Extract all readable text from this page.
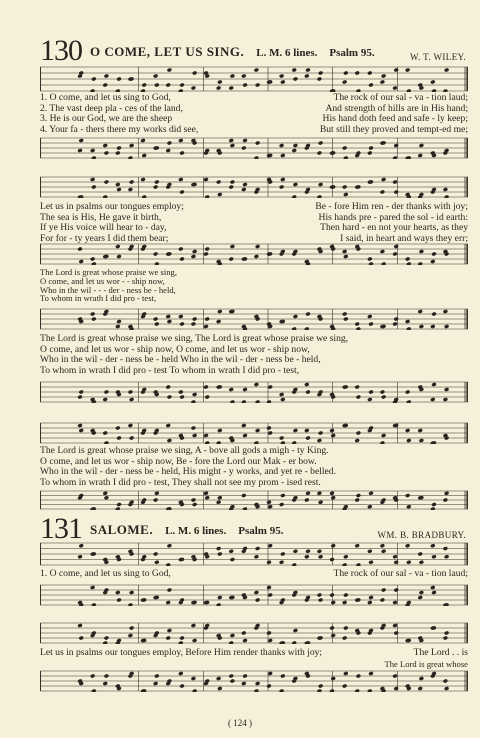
130 O COME, LET US SING. L. M. 6 lines. Psalm 95.	W. T. WILEY.
1. O come, and let us sing to God,	The rock of our sal - va - tion laud;
2. The vast deep pla - ces of the land,	And strength of hills are in His hand;
3. He is our God, we are the sheep	His hand doth feed and safe - ly keep;
4. Your fa - thers there my works did see,	But still they proved and tempt-ed me;
Let us in psalms our tongues employ;	Be - fore Him ren - der thanks with joy;
The sea is His, He gave it birth,	His hands pre - pared the sol - id earth:
If ye His voice will hear to - day,	Then hard - en not your hearts, as they
For for - ty years I did them bear;	I said, in heart and ways they err;
The Lord is great whose praise we sing,
O come, and let us wor - - ship now,
Who in the wil - - - der - ness be - held,
To whom in wrath I did pro - test,
The Lord is great whose praise we sing, The Lord is great whose praise we sing,
O come, and let us wor - ship now, O come, and let us wor - ship now,
Who in the wil - der - ness be - held Who in the wil - der - ness be - held,
To whom in wrath I did pro - test To whom in wrath I did pro - test,
The Lord is great whose praise we sing, A - bove all gods a migh - ty King.
O come, and let us wor - ship now, Be - fore the Lord our Mak - er bow.
Who in the wil - der - ness be - held, His might - y works, and yet re - belled.
To whom in wrath I did pro - test, They shall not see my prom - ised rest.
131 SALOME. L. M. 6 lines. Psalm 95.	WM. B. BRADBURY.
1. O come, and let us sing to God,	The rock of our sal - va - tion laud;
Let us in psalms our tongues employ, Before Him render thanks with joy;	The Lord . . is
The Lord is great whose
( 124 )
